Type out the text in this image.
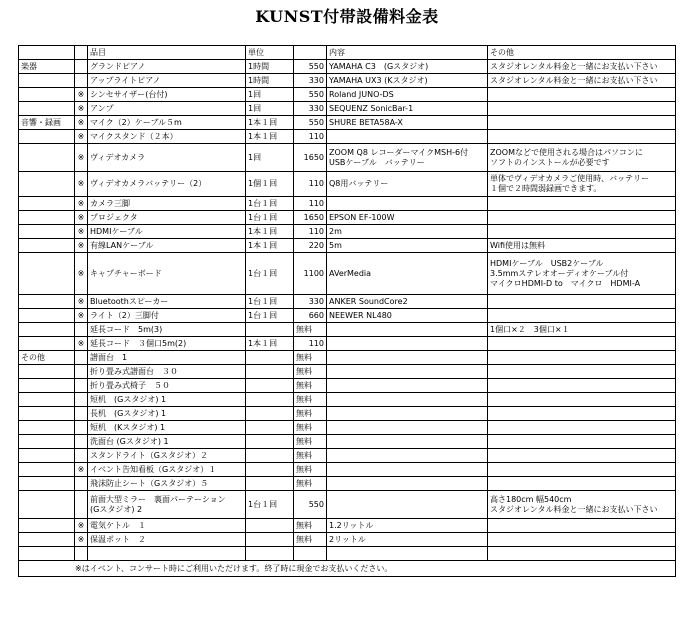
KUNST付帯設備料金表
		品目	単位		内容	その他
楽器		グランドピアノ	1時間	550	YAMAHA C3　(Gスタジオ)	スタジオレンタル料金と一緒にお支払い下さい
		アップライトピアノ	1時間	330	YAMAHA UX3 (Kスタジオ)	スタジオレンタル料金と一緒にお支払い下さい
	※	シンセサイザー(台付)	1回	550	Roland JUNO-DS	
	※	アンプ	1回	330	SEQUENZ SonicBar-1	
音響・録画	※	マイク（2）ケーブル５m	1本１回	550	SHURE BETA58A-X	
	※	マイクスタンド（２本）	1本１回	110		
	※	ヴィデオカメラ	1回	1650	ZOOM Q8 レコーダーマイクMSH-6付
USBケーブル　バッテリー	ZOOMなどで使用される場合はパソコンに
ソフトのインストールが必要です
	※	ヴィデオカメラバッテリー（2）	1個１回	110	Q8用バッテリー	単体でヴィデオカメラご使用時、バッテリー
１個で２時間弱録画できます。
	※	カメラ三脚	1台１回	110		
	※	プロジェクタ	1台１回	1650	EPSON EF-100W	
	※	HDMIケーブル	1本１回	110	2m	
	※	有線LANケーブル	1本１回	220	5m	Wifi使用は無料
	※	キャプチャーボード	1台１回	1100	AVerMedia	HDMIケーブル　USB2ケーブル
3.5mmステレオオーディオケーブル付
マイクロHDMI-D to　マイクロ　HDMI-A
	※	Bluetoothスピーカー	1台１回	330	ANKER SoundCore2	
	※	ライト（2）三脚付	1台１回	660	NEEWER NL480	
		延長コード　5m(3)		無料		1個口×２　3個口×１
	※	延長コード　３個口5m(2)	1本１回	110		
その他		譜面台　1		無料		
		折り畳み式譜面台　３０		無料		
		折り畳み式椅子　５０		無料		
		短机　(Gスタジオ) 1		無料		
		長机　(Gスタジオ) 1		無料		
		短机　(Kスタジオ) 1		無料		
		洗面台 (Gスタジオ) 1		無料		
		スタンドライト（Gスタジオ）２		無料		
	※	イベント告知看板（Gスタジオ）１		無料		
		飛沫防止シート（Gスタジオ）５		無料		
		前面大型ミラー　裏面パーテーション
(Gスタジオ) 2	1台１回	550		高さ180cm 幅540cm
スタジオレンタル料金と一緒にお支払い下さい
	※	電気ケトル　１		無料	1.2リットル	
	※	保温ポット　２		無料	2リットル	

※はイベント、コンサート時にご利用いただけます。終了時に現金でお支払いください。						
